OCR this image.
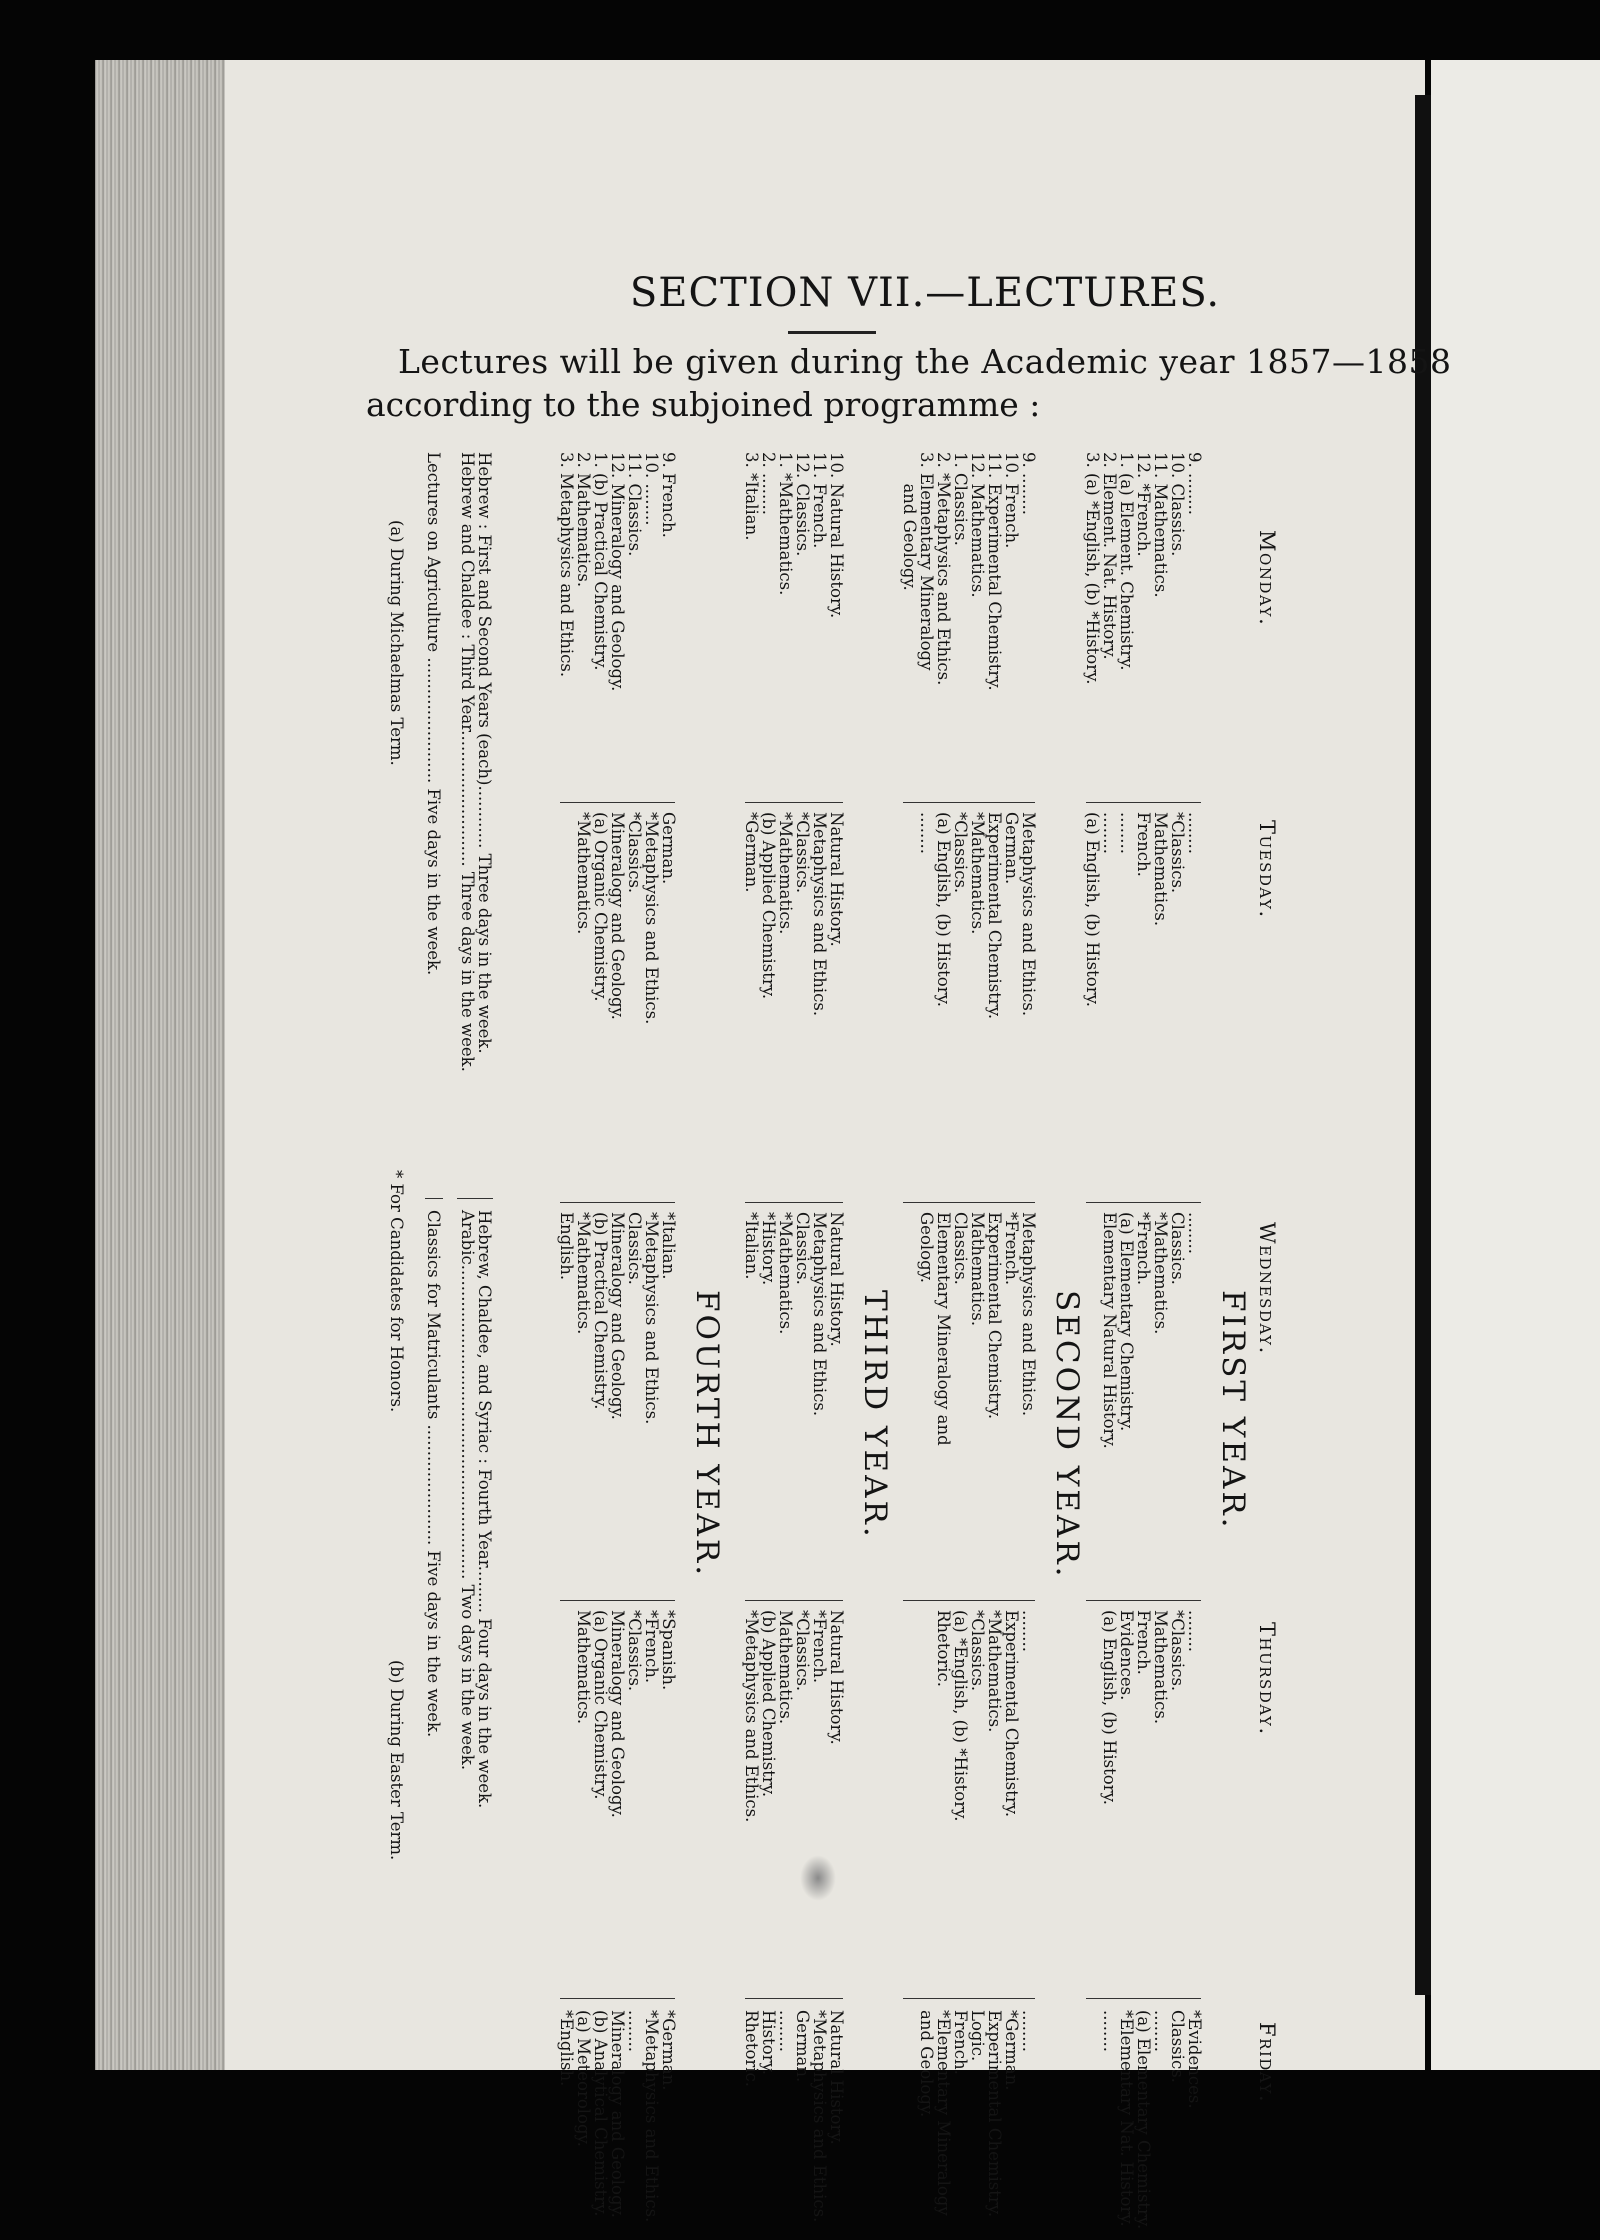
SECTION VII.—LECTURES.
Lectures will be given during the Academic year 1857—1858
according to the subjoined programme :
Monday.
Tuesday.
Wednesday.
Thursday.
Friday.
FIRST YEAR.
9. ........
10. Classics.
11. Mathematics.
12. *French.
1. (a) Element. Chemistry.
2. Element. Nat. History.
3. (a) *English, (b) *History.
........
*Classics.
Mathematics.
French.
........
........
(a) English, (b) History.
........
Classics.
*Mathematics.
*French.
(a) Elementary Chemistry.
Elementary Natural History.
........
*Classics.
Mathematics.
French.
Evidences.
(a) English, (b) History.
*Evidences.
Classics.
........
(a) Elementary Chemistry.
*Elementary Nat. History.
........
SECOND YEAR.
9. ........
10. French.
11. Experimental Chemistry.
12. Mathematics.
1. Classics.
2. *Metaphysics and Ethics.
3. Elementary Mineralogy
and Geology.
Metaphysics and Ethics.
German.
Experimental Chemistry.
*Mathematics.
*Classics.
(a) English, (b) History.
........
Metaphysics and Ethics.
*French.
Experimental Chemistry.
Mathematics.
Classics.
Elementary Mineralogy and
Geology.
........
Experimental Chemistry.
*Mathematics.
*Classics.
(a) *English, (b) *History.
Rhetoric.
........
*German.
Experimental Chemistry.
Logic.
French.
*Elementary Mineralogy
and Geology.
THIRD YEAR.
10. Natural History.
11. French.
12. Classics.
1. *Mathematics.
2. ........
3. *Italian.
Natural History.
Metaphysics and Ethics.
*Classics.
*Mathematics.
(b) Applied Chemistry.
*German.
Natural History.
Metaphysics and Ethics.
Classics.
*Mathematics.
*History.
*Italian.
Natural History.
*French.
*Classics.
Mathematics.
(b) Applied Chemistry.
*Metaphysics and Ethics.
Natural History.
*Metaphysics and Ethics.
German.
........
History.
Rhetoric.
FOURTH YEAR.
9. French.
10. ........
11. Classics.
12. Mineralogy and Geology.
1. (b) Practical Chemistry.
2. Mathematics.
3. Metaphysics and Ethics.
German.
*Metaphysics and Ethics.
*Classics.
Mineralogy and Geology.
(a) Organic Chemistry.
*Mathematics.
*Italian.
*Metaphysics and Ethics.
Classics.
Mineralogy and Geology.
(b) Practical Chemistry.
*Mathematics.
English.
*Spanish.
*French.
*Classics.
Mineralogy and Geology.
(a) Organic Chemistry.
Mathematics.
*German.
*Metaphysics and Ethics.
........
Mineralogy and Geology.
(b) Analytical Chemistry.
(a) Meteorology.
*English.
Hebrew : First and Second Years (each)............ Three days in the week.
Hebrew and Chaldee : Third Year.......................... Three days in the week.
Hebrew, Chaldee, and Syriac : Fourth Year......... Four days in the week.
Arabic............................................................ Two days in the week.
Lectures on Agriculture ........................ Five days in the week.
Classics for Matriculants ....................... Five days in the week.
(a) During Michaelmas Term.
* For Candidates for Honors.
(b) During Easter Term.
